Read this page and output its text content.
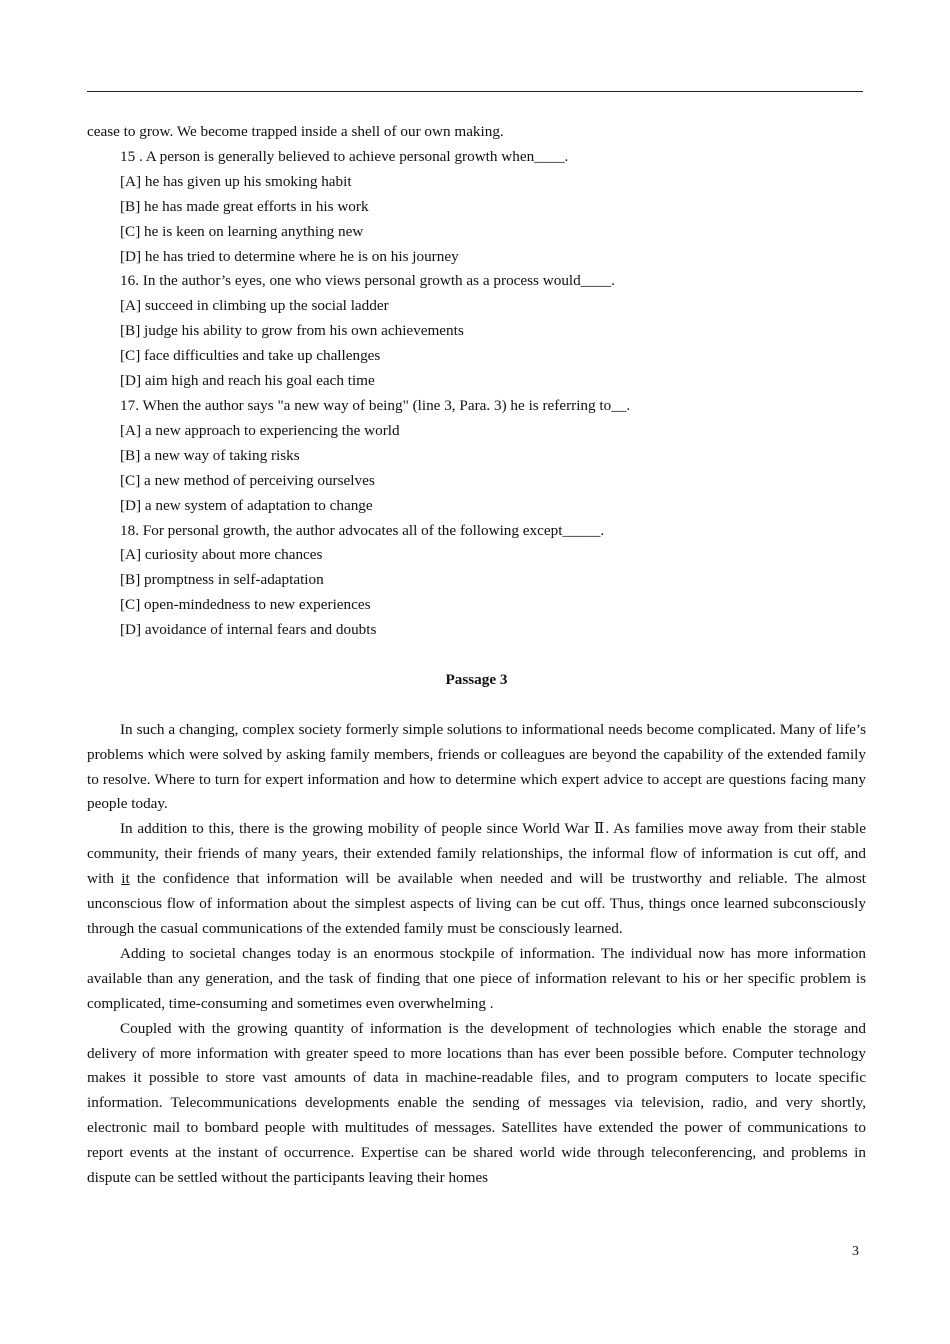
cease to grow. We become trapped inside a shell of our own making.
15 . A person is generally believed to achieve personal growth when____.
[A] he has given up his smoking habit
[B] he has made great efforts in his work
[C] he is keen on learning anything new
[D] he has tried to determine where he is on his journey
16. In the author’s eyes, one who views personal growth as a process would____.
[A] succeed in climbing up the social ladder
[B] judge his ability to grow from his own achievements
[C] face difficulties and take up challenges
[D] aim high and reach his goal each time
17. When the author says "a new way of being" (line 3, Para. 3) he is referring to__.
[A] a new approach to experiencing the world
[B] a new way of taking risks
[C] a new method of perceiving ourselves
[D] a new system of adaptation to change
18. For personal growth, the author advocates all of the following except_____.
[A] curiosity about more chances
[B] promptness in self-adaptation
[C] open-mindedness to new experiences
[D] avoidance of internal fears and doubts
Passage 3

In such a changing, complex society formerly simple solutions to informational needs become complicated. Many of life’s problems which were solved by asking family members, friends or colleagues are beyond the capability of the extended family to resolve. Where to turn for expert information and how to determine which expert advice to accept are questions facing many people today.

In addition to this, there is the growing mobility of people since World War Ⅱ. As families move away from their stable community, their friends of many years, their extended family relationships, the informal flow of information is cut off, and with it the confidence that information will be available when needed and will be trustworthy and reliable. The almost unconscious flow of information about the simplest aspects of living can be cut off. Thus, things once learned subconsciously through the casual communications of the extended family must be consciously learned.

Adding to societal changes today is an enormous stockpile of information. The individual now has more information available than any generation, and the task of finding that one piece of information relevant to his or her specific problem is complicated, time-consuming and sometimes even overwhelming .

Coupled with the growing quantity of information is the development of technologies which enable the storage and delivery of more information with greater speed to more locations than has ever been possible before. Computer technology makes it possible to store vast amounts of data in machine-readable files, and to program computers to locate specific information. Telecommunications developments enable the sending of messages via television, radio, and very shortly, electronic mail to bombard people with multitudes of messages. Satellites have extended the power of communications to report events at the instant of occurrence. Expertise can be shared world wide through teleconferencing, and problems in dispute can be settled without the participants leaving their homes

3
